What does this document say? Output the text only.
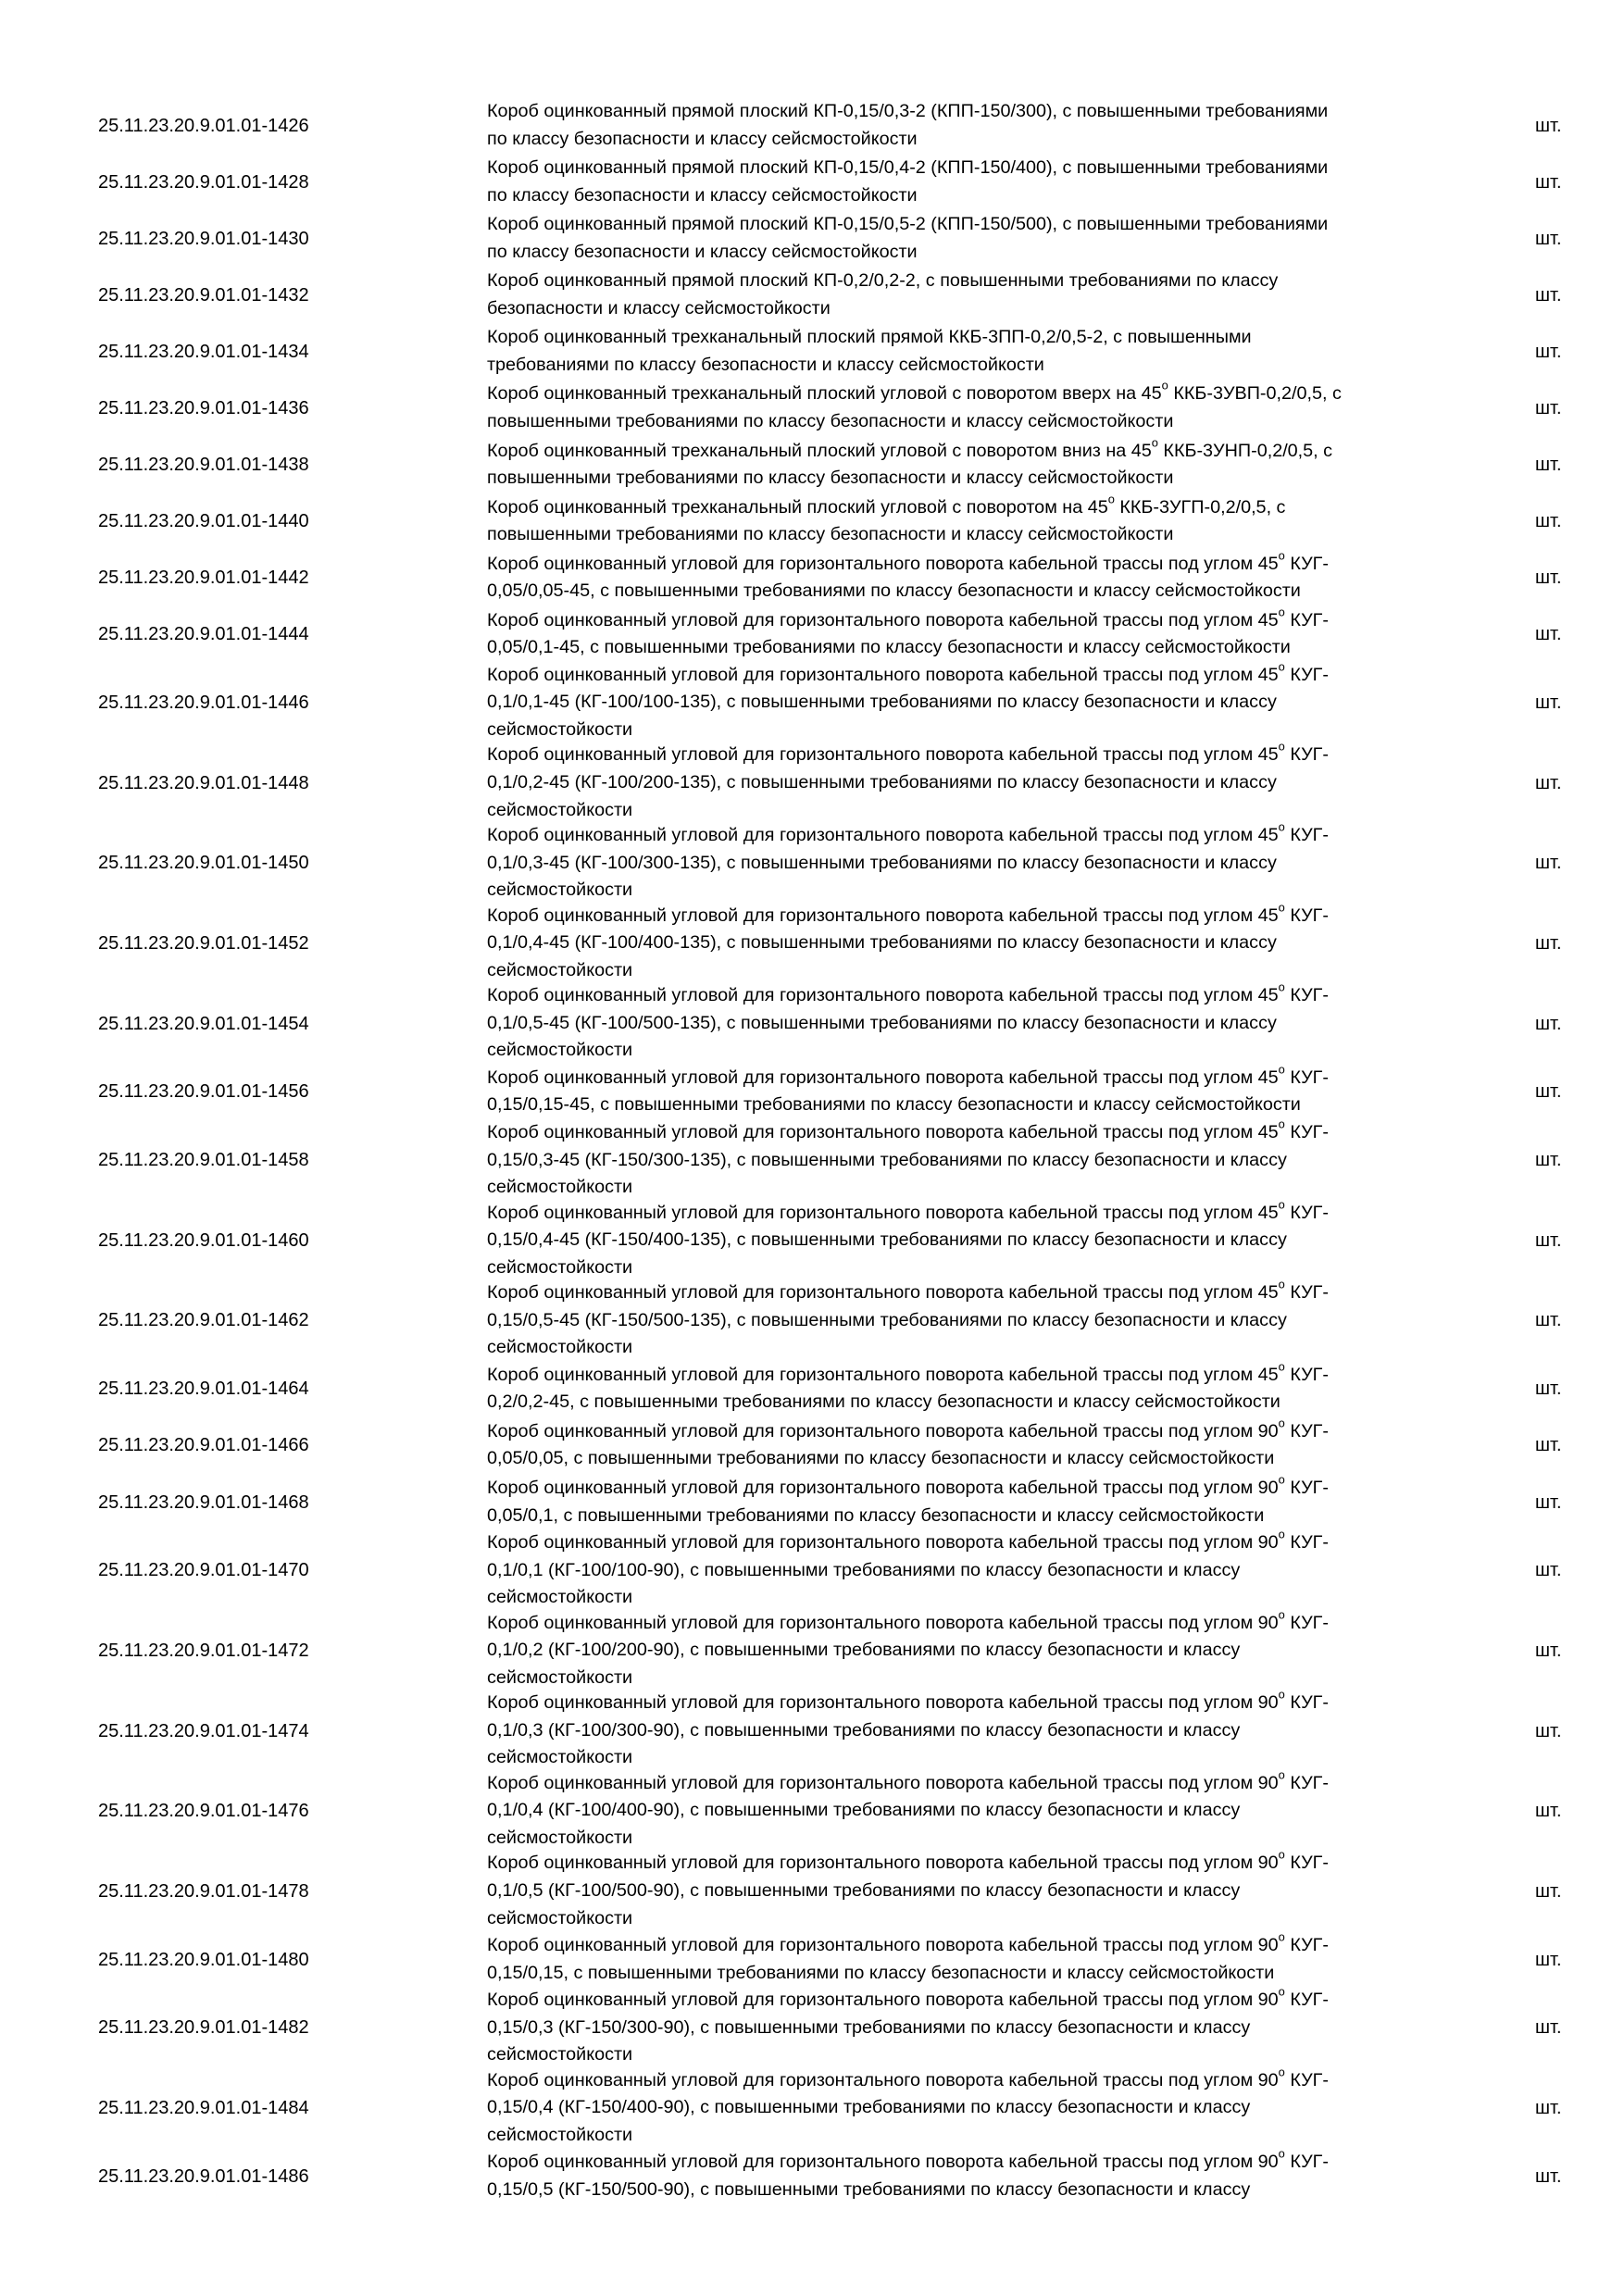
25.11.23.20.9.01.01-1426

Короб оцинкованный прямой плоский КП-0,15/0,3-2 (КПП-150/300), с повышенными требованиями

по классу безопасности и классу сейсмостойкости

шт.
25.11.23.20.9.01.01-1428

Короб оцинкованный прямой плоский КП-0,15/0,4-2 (КПП-150/400), с повышенными требованиями

по классу безопасности и классу сейсмостойкости

шт.
25.11.23.20.9.01.01-1430

Короб оцинкованный прямой плоский КП-0,15/0,5-2 (КПП-150/500), с повышенными требованиями

по классу безопасности и классу сейсмостойкости

шт.
25.11.23.20.9.01.01-1432

Короб оцинкованный прямой плоский КП-0,2/0,2-2, с повышенными требованиями по классу

безопасности и классу сейсмостойкости

шт.
25.11.23.20.9.01.01-1434

Короб оцинкованный трехканальный плоский прямой ККБ-3ПП-0,2/0,5-2, с повышенными

требованиями по классу безопасности и классу сейсмостойкости

шт.
25.11.23.20.9.01.01-1436

Короб оцинкованный трехканальный плоский угловой с поворотом вверх на 45$^o$ ККБ-3УВП-0,2/0,5, с

повышенными требованиями по классу безопасности и классу сейсмостойкости

шт.
25.11.23.20.9.01.01-1438

Короб оцинкованный трехканальный плоский угловой с поворотом вниз на 45$^o$ ККБ-3УНП-0,2/0,5, с

повышенными требованиями по классу безопасности и классу сейсмостойкости

шт.
25.11.23.20.9.01.01-1440

Короб оцинкованный трехканальный плоский угловой с поворотом на 45$^o$ ККБ-3УГП-0,2/0,5, с

повышенными требованиями по классу безопасности и классу сейсмостойкости

шт.
25.11.23.20.9.01.01-1442

Короб оцинкованный угловой для горизонтального поворота кабельной трассы под углом 45$^o$ КУГ-

0,05/0,05-45, с повышенными требованиями по классу безопасности и классу сейсмостойкости

шт.
25.11.23.20.9.01.01-1444

Короб оцинкованный угловой для горизонтального поворота кабельной трассы под углом 45$^o$ КУГ-

0,05/0,1-45, с повышенными требованиями по классу безопасности и классу сейсмостойкости

шт.
25.11.23.20.9.01.01-1446

Короб оцинкованный угловой для горизонтального поворота кабельной трассы под углом 45$^o$ КУГ-

0,1/0,1-45 (КГ-100/100-135), с повышенными требованиями по классу безопасности и классу

сейсмостойкости

шт.
25.11.23.20.9.01.01-1448

Короб оцинкованный угловой для горизонтального поворота кабельной трассы под углом 45$^o$ КУГ-

0,1/0,2-45 (КГ-100/200-135), с повышенными требованиями по классу безопасности и классу

сейсмостойкости

шт.
25.11.23.20.9.01.01-1450

Короб оцинкованный угловой для горизонтального поворота кабельной трассы под углом 45$^o$ КУГ-

0,1/0,3-45 (КГ-100/300-135), с повышенными требованиями по классу безопасности и классу

сейсмостойкости

шт.
25.11.23.20.9.01.01-1452

Короб оцинкованный угловой для горизонтального поворота кабельной трассы под углом 45$^o$ КУГ-

0,1/0,4-45 (КГ-100/400-135), с повышенными требованиями по классу безопасности и классу

сейсмостойкости

шт.
25.11.23.20.9.01.01-1454

Короб оцинкованный угловой для горизонтального поворота кабельной трассы под углом 45$^o$ КУГ-

0,1/0,5-45 (КГ-100/500-135), с повышенными требованиями по классу безопасности и классу

сейсмостойкости

шт.
25.11.23.20.9.01.01-1456

Короб оцинкованный угловой для горизонтального поворота кабельной трассы под углом 45$^o$ КУГ-

0,15/0,15-45, с повышенными требованиями по классу безопасности и классу сейсмостойкости

шт.
25.11.23.20.9.01.01-1458

Короб оцинкованный угловой для горизонтального поворота кабельной трассы под углом 45$^o$ КУГ-

0,15/0,3-45 (КГ-150/300-135), с повышенными требованиями по классу безопасности и классу

сейсмостойкости

шт.
25.11.23.20.9.01.01-1460

Короб оцинкованный угловой для горизонтального поворота кабельной трассы под углом 45$^o$ КУГ-

0,15/0,4-45 (КГ-150/400-135), с повышенными требованиями по классу безопасности и классу

сейсмостойкости

шт.
25.11.23.20.9.01.01-1462

Короб оцинкованный угловой для горизонтального поворота кабельной трассы под углом 45$^o$ КУГ-

0,15/0,5-45 (КГ-150/500-135), с повышенными требованиями по классу безопасности и классу

сейсмостойкости

шт.
25.11.23.20.9.01.01-1464

Короб оцинкованный угловой для горизонтального поворота кабельной трассы под углом 45$^o$ КУГ-

0,2/0,2-45, с повышенными требованиями по классу безопасности и классу сейсмостойкости

шт.
25.11.23.20.9.01.01-1466

Короб оцинкованный угловой для горизонтального поворота кабельной трассы под углом 90$^o$ КУГ-

0,05/0,05, с повышенными требованиями по классу безопасности и классу сейсмостойкости

шт.
25.11.23.20.9.01.01-1468

Короб оцинкованный угловой для горизонтального поворота кабельной трассы под углом 90$^o$ КУГ-

0,05/0,1, с повышенными требованиями по классу безопасности и классу сейсмостойкости

шт.
25.11.23.20.9.01.01-1470

Короб оцинкованный угловой для горизонтального поворота кабельной трассы под углом 90$^o$ КУГ-

0,1/0,1 (КГ-100/100-90), с повышенными требованиями по классу безопасности и классу

сейсмостойкости

шт.
25.11.23.20.9.01.01-1472

Короб оцинкованный угловой для горизонтального поворота кабельной трассы под углом 90$^o$ КУГ-

0,1/0,2 (КГ-100/200-90), с повышенными требованиями по классу безопасности и классу

сейсмостойкости

шт.
25.11.23.20.9.01.01-1474

Короб оцинкованный угловой для горизонтального поворота кабельной трассы под углом 90$^o$ КУГ-

0,1/0,3 (КГ-100/300-90), с повышенными требованиями по классу безопасности и классу

сейсмостойкости

шт.
25.11.23.20.9.01.01-1476

Короб оцинкованный угловой для горизонтального поворота кабельной трассы под углом 90$^o$ КУГ-

0,1/0,4 (КГ-100/400-90), с повышенными требованиями по классу безопасности и классу

сейсмостойкости

шт.
25.11.23.20.9.01.01-1478

Короб оцинкованный угловой для горизонтального поворота кабельной трассы под углом 90$^o$ КУГ-

0,1/0,5 (КГ-100/500-90), с повышенными требованиями по классу безопасности и классу

сейсмостойкости

шт.
25.11.23.20.9.01.01-1480

Короб оцинкованный угловой для горизонтального поворота кабельной трассы под углом 90$^o$ КУГ-

0,15/0,15, с повышенными требованиями по классу безопасности и классу сейсмостойкости

шт.
25.11.23.20.9.01.01-1482

Короб оцинкованный угловой для горизонтального поворота кабельной трассы под углом 90$^o$ КУГ-

0,15/0,3 (КГ-150/300-90), с повышенными требованиями по классу безопасности и классу

сейсмостойкости

шт.
25.11.23.20.9.01.01-1484

Короб оцинкованный угловой для горизонтального поворота кабельной трассы под углом 90$^o$ КУГ-

0,15/0,4 (КГ-150/400-90), с повышенными требованиями по классу безопасности и классу

сейсмостойкости

шт.
25.11.23.20.9.01.01-1486

Короб оцинкованный угловой для горизонтального поворота кабельной трассы под углом 90$^o$ КУГ-

0,15/0,5 (КГ-150/500-90), с повышенными требованиями по классу безопасности и классу

шт.
